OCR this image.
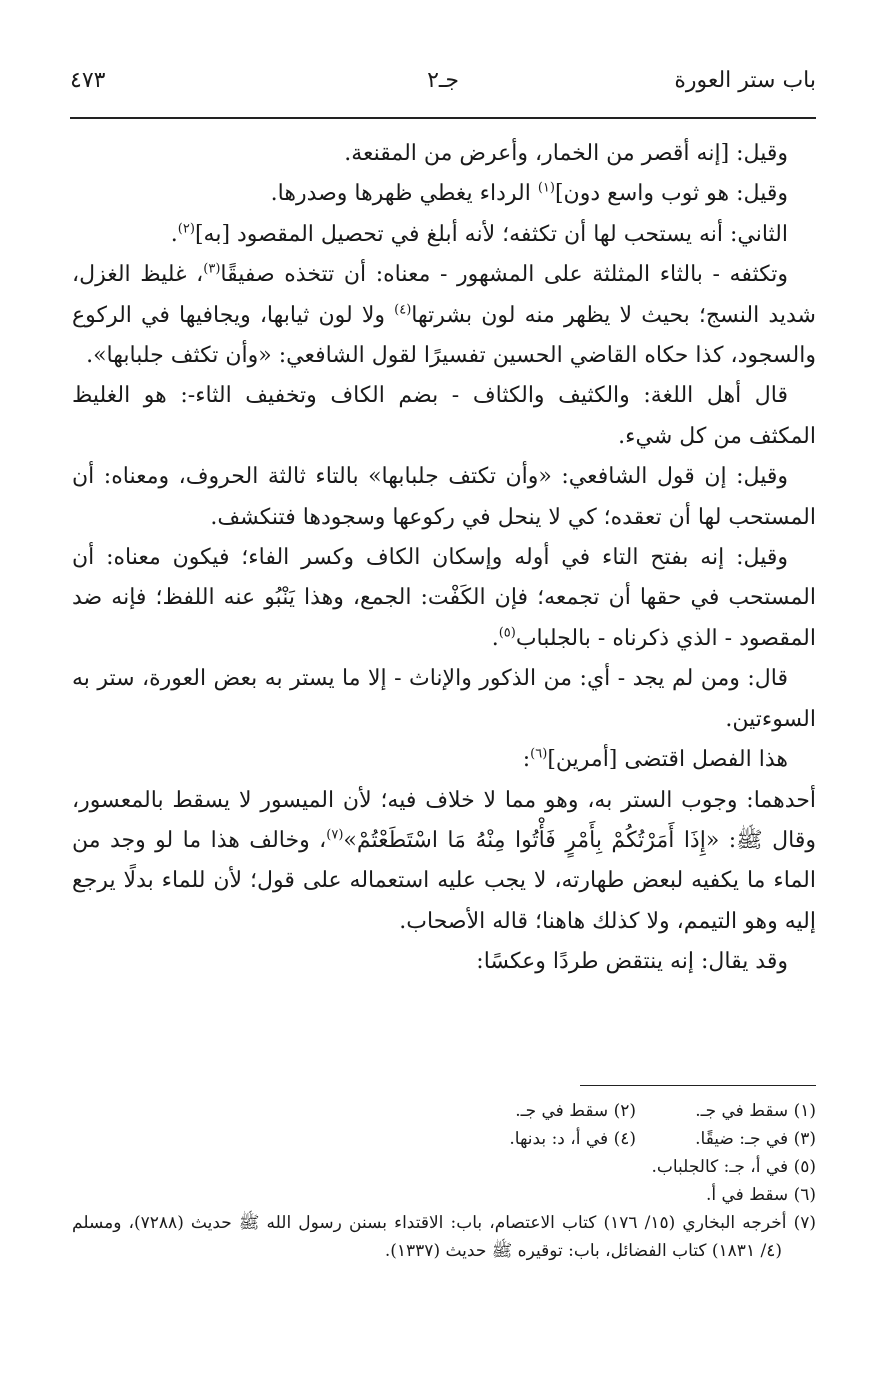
باب ستر العورة
جـ٢
٤٧٣

وقيل: [إنه أقصر من الخمار، وأعرض من المقنعة.

وقيل: هو ثوب واسع دون]$^{(١)}$ الرداء يغطي ظهرها وصدرها.

الثاني: أنه يستحب لها أن تكثفه؛ لأنه أبلغ في تحصيل المقصود [به]$^{(٢)}$.

وتكثفه - بالثاء المثلثة على المشهور - معناه: أن تتخذه صفيقًا$^{(٣)}$، غليظ الغزل، شديد النسج؛ بحيث لا يظهر منه لون بشرتها$^{(٤)}$ ولا لون ثيابها، ويجافيها في الركوع والسجود، كذا حكاه القاضي الحسين تفسيرًا لقول الشافعي: «وأن تكثف جلبابها».

قال أهل اللغة: والكثيف والكثاف - بضم الكاف وتخفيف الثاء-: هو الغليظ المكثف من كل شيء.

وقيل: إن قول الشافعي: «وأن تكتف جلبابها» بالتاء ثالثة الحروف، ومعناه: أن المستحب لها أن تعقده؛ كي لا ينحل في ركوعها وسجودها فتنكشف.

وقيل: إنه بفتح التاء في أوله وإسكان الكاف وكسر الفاء؛ فيكون معناه: أن المستحب في حقها أن تجمعه؛ فإن الكَفْت: الجمع، وهذا يَنْبُو عنه اللفظ؛ فإنه ضد المقصود - الذي ذكرناه - بالجلباب$^{(٥)}$.

قال: ومن لم يجد - أي: من الذكور والإناث - إلا ما يستر به بعض العورة، ستر به السوءتين.

هذا الفصل اقتضى [أمرين]$^{(٦)}$:

أحدهما: وجوب الستر به، وهو مما لا خلاف فيه؛ لأن الميسور لا يسقط بالمعسور، وقال ﷺ: «إِذَا أَمَرْتُكُمْ بِأَمْرٍ فَأْتُوا مِنْهُ مَا اسْتَطَعْتُمْ»$^{(٧)}$، وخالف هذا ما لو وجد من الماء ما يكفيه لبعض طهارته، لا يجب عليه استعماله على قول؛ لأن للماء بدلًا يرجع إليه وهو التيمم، ولا كذلك هاهنا؛ قاله الأصحاب.

وقد يقال: إنه ينتقض طردًا وعكسًا:

(١) سقط في جـ.
(٢) سقط في جـ.
(٣) في جـ: ضيقًا.
(٤) في أ، د: بدنها.
(٥) في أ، جـ: كالجلباب.
(٦) سقط في أ.
(٧) أخرجه البخاري (١٥/ ١٧٦) كتاب الاعتصام، باب: الاقتداء بسنن رسول الله ﷺ حديث (٧٢٨٨)، ومسلم (٤/ ١٨٣١) كتاب الفضائل، باب: توقيره ﷺ حديث (١٣٣٧).
